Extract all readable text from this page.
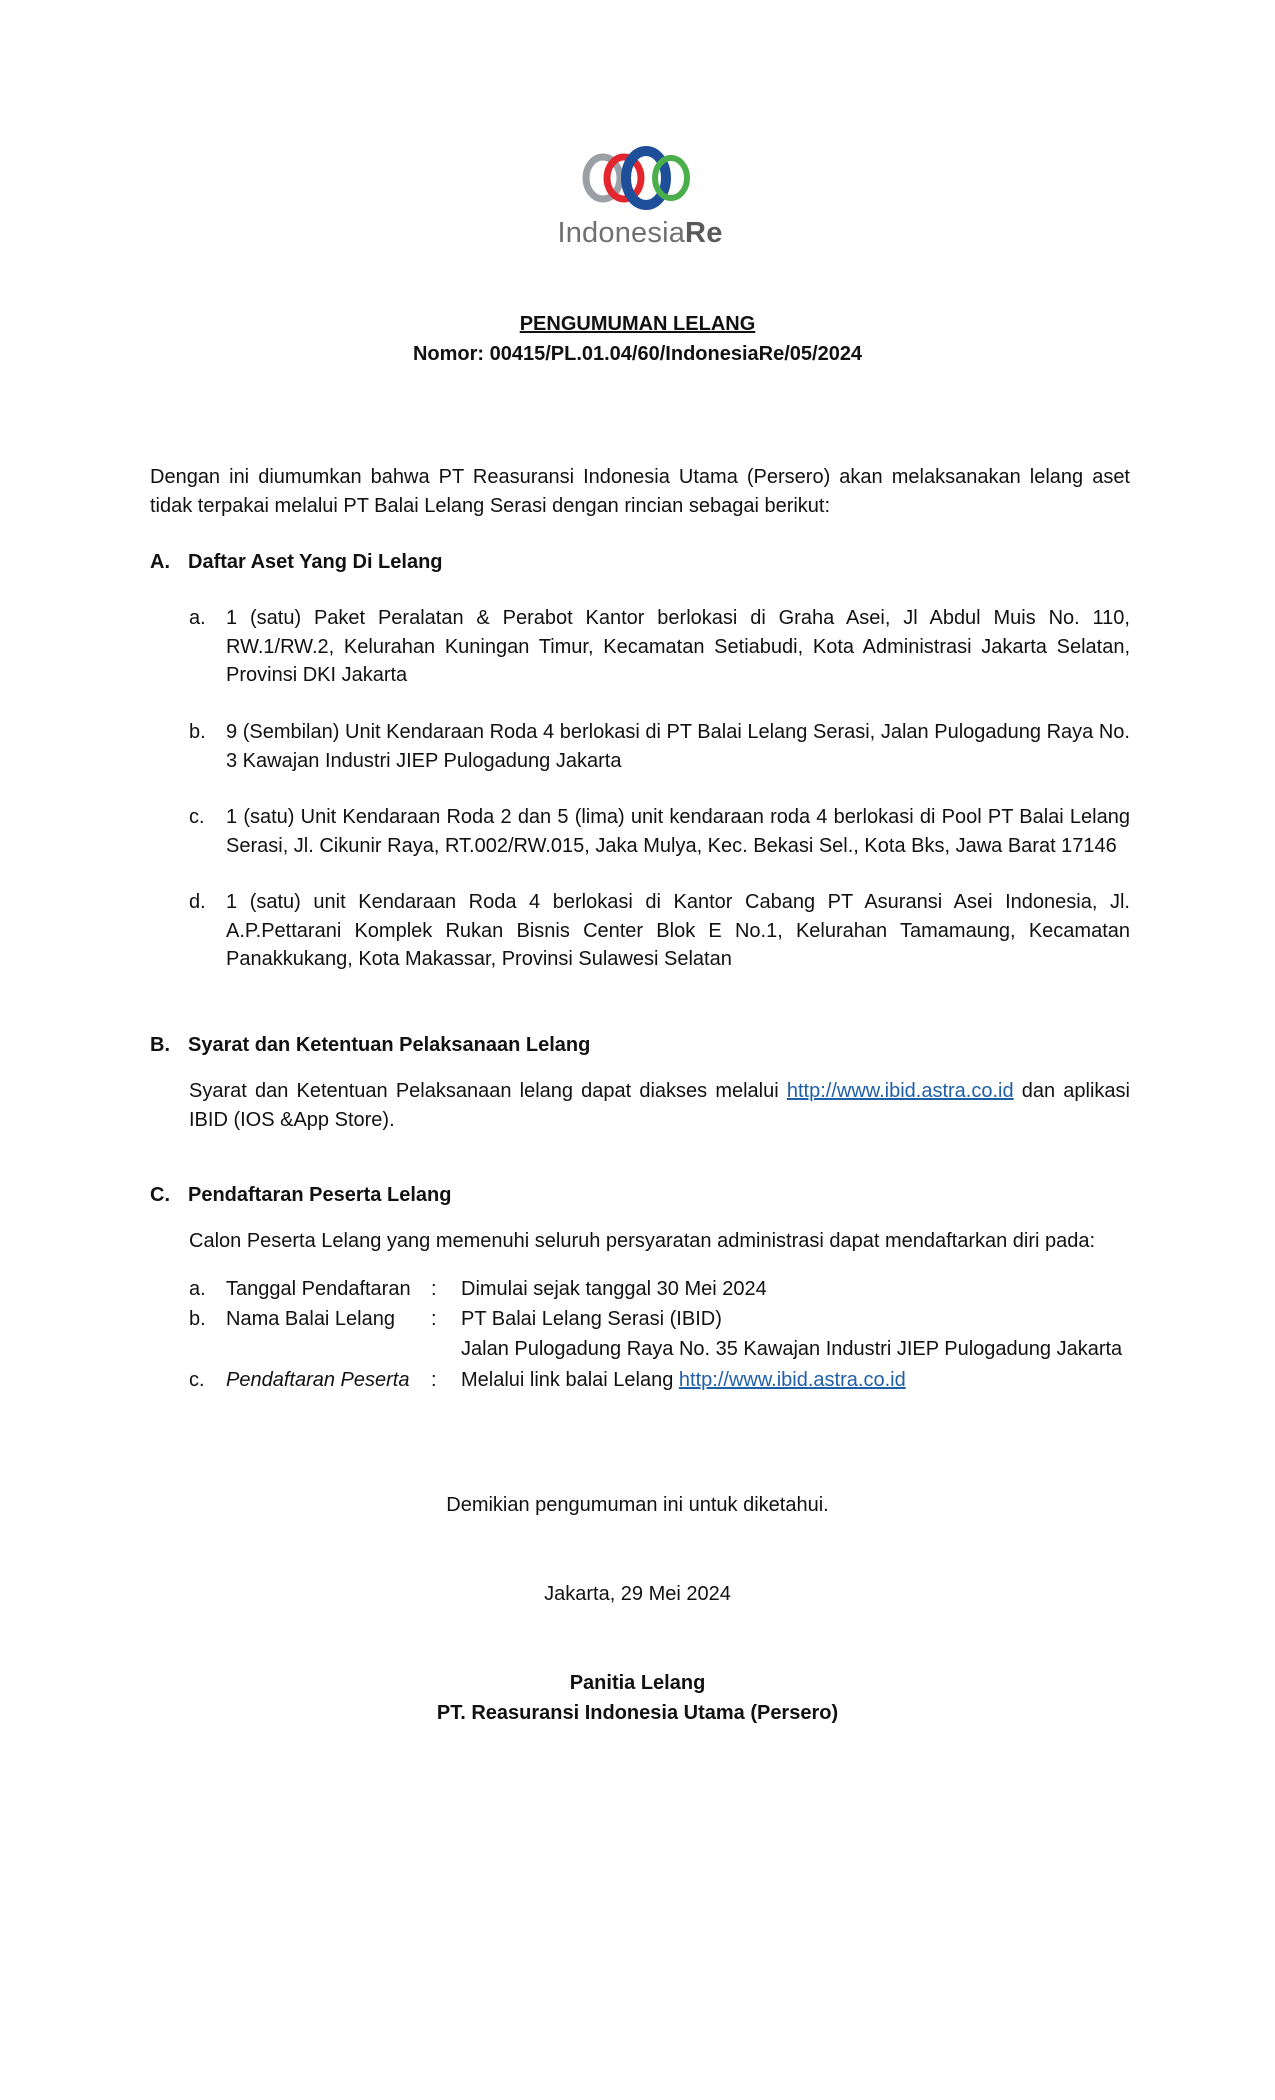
IndonesiaRe
PENGUMUMAN LELANG
Nomor: 00415/PL.01.04/60/IndonesiaRe/05/2024
Dengan ini diumumkan bahwa PT Reasuransi Indonesia Utama (Persero) akan melaksanakan lelang aset tidak terpakai melalui PT Balai Lelang Serasi dengan rincian sebagai berikut:
A. Daftar Aset Yang Di Lelang
a.	1 (satu) Paket Peralatan & Perabot Kantor berlokasi di Graha Asei, Jl Abdul Muis No. 110, RW.1/RW.2, Kelurahan Kuningan Timur, Kecamatan Setiabudi, Kota Administrasi Jakarta Selatan, Provinsi DKI Jakarta
b.	9 (Sembilan) Unit Kendaraan Roda 4 berlokasi di PT Balai Lelang Serasi, Jalan Pulogadung Raya No. 3 Kawajan Industri JIEP Pulogadung Jakarta
c.	1 (satu) Unit Kendaraan Roda 2 dan 5 (lima) unit kendaraan roda 4 berlokasi di Pool PT Balai Lelang Serasi, Jl. Cikunir Raya, RT.002/RW.015, Jaka Mulya, Kec. Bekasi Sel., Kota Bks, Jawa Barat 17146
d.	1 (satu) unit Kendaraan Roda 4 berlokasi di Kantor Cabang PT Asuransi Asei Indonesia, Jl. A.P.Pettarani Komplek Rukan Bisnis Center Blok E No.1, Kelurahan Tamamaung, Kecamatan Panakkukang, Kota Makassar, Provinsi Sulawesi Selatan
B. Syarat dan Ketentuan Pelaksanaan Lelang
Syarat dan Ketentuan Pelaksanaan lelang dapat diakses melalui http://www.ibid.astra.co.id dan aplikasi IBID (IOS &App Store).
C. Pendaftaran Peserta Lelang
Calon Peserta Lelang yang memenuhi seluruh persyaratan administrasi dapat mendaftarkan diri pada:
a. Tanggal Pendaftaran : Dimulai sejak tanggal 30 Mei 2024
b. Nama Balai Lelang : PT Balai Lelang Serasi (IBID)
Jalan Pulogadung Raya No. 35 Kawajan Industri JIEP Pulogadung Jakarta
c. Pendaftaran Peserta : Melalui link balai Lelang http://www.ibid.astra.co.id
Demikian pengumuman ini untuk diketahui.
Jakarta, 29 Mei 2024
Panitia Lelang
PT. Reasuransi Indonesia Utama (Persero)
